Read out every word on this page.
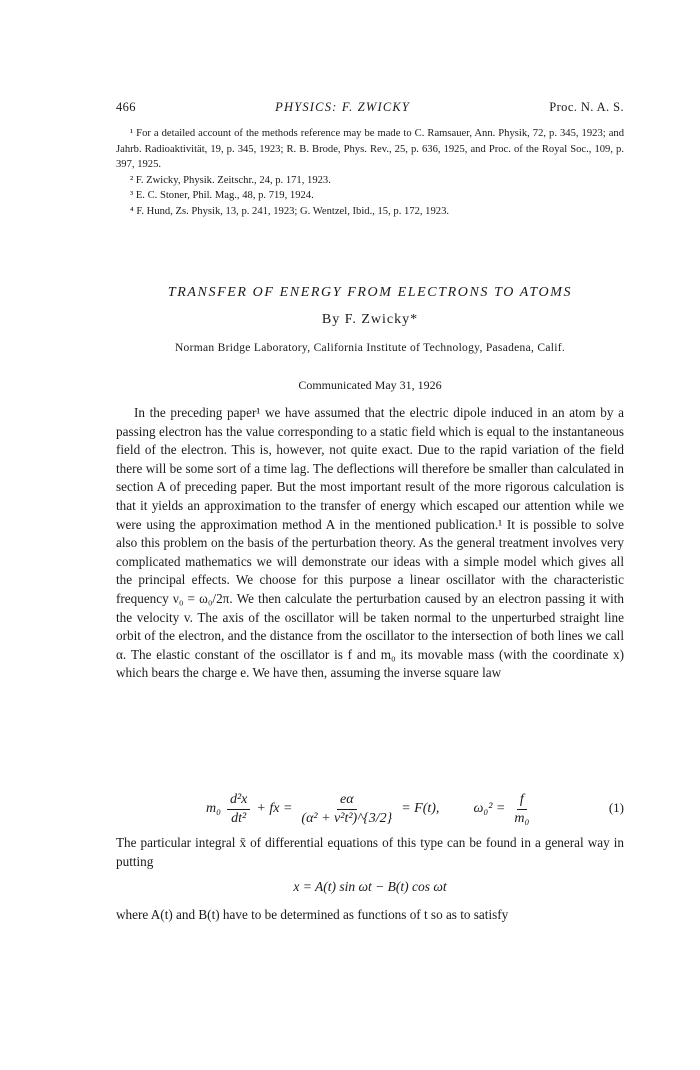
466	PHYSICS: F. ZWICKY	Proc. N. A. S.

¹ For a detailed account of the methods reference may be made to C. Ramsauer, Ann. Physik, 72, p. 345, 1923; and Jahrb. Radioaktivität, 19, p. 345, 1923; R. B. Brode, Phys. Rev., 25, p. 636, 1925, and Proc. of the Royal Soc., 109, p. 397, 1925.

² F. Zwicky, Physik. Zeitschr., 24, p. 171, 1923.

³ E. C. Stoner, Phil. Mag., 48, p. 719, 1924.

⁴ F. Hund, Zs. Physik, 13, p. 241, 1923; G. Wentzel, Ibid., 15, p. 172, 1923.

TRANSFER OF ENERGY FROM ELECTRONS TO ATOMS
By F. Zwicky*
Norman Bridge Laboratory, California Institute of Technology, Pasadena, Calif.
Communicated May 31, 1926

In the preceding paper¹ we have assumed that the electric dipole induced in an atom by a passing electron has the value corresponding to a static field which is equal to the instantaneous field of the electron. This is, however, not quite exact. Due to the rapid variation of the field there will be some sort of a time lag. The deflections will therefore be smaller than calculated in section A of preceding paper. But the most important result of the more rigorous calculation is that it yields an approximation to the transfer of energy which escaped our attention while we were using the approximation method A in the mentioned publication.¹ It is possible to solve also this problem on the basis of the perturbation theory. As the general treatment involves very complicated mathematics we will demonstrate our ideas with a simple model which gives all the principal effects. We choose for this purpose a linear oscillator with the characteristic frequency ν₀ = ω₀/2π. We then calculate the perturbation caused by an electron passing it with the velocity v. The axis of the oscillator will be taken normal to the unperturbed straight line orbit of the electron, and the distance from the oscillator to the intersection of both lines we call α. The elastic constant of the oscillator is f and m₀ its movable mass (with the coordinate x) which bears the charge e. We have then, assuming the inverse square law

$m_0 \frac{\text{d²x}}{\text{dt²}}$ + fx = $\frac{e\alpha}{\text{(α² + v²t²)\textasciicircum{}\{3/2\}}} = F(t)$, $\omega_0^2 = \frac{f}{\text{m₀}}$	(1)

The particular integral x̄ of differential equations of this type can be found in a general way in putting

x = A(t) sin ωt − B(t) cos ωt
where A(t) and B(t) have to be determined as functions of t so as to satisfy
